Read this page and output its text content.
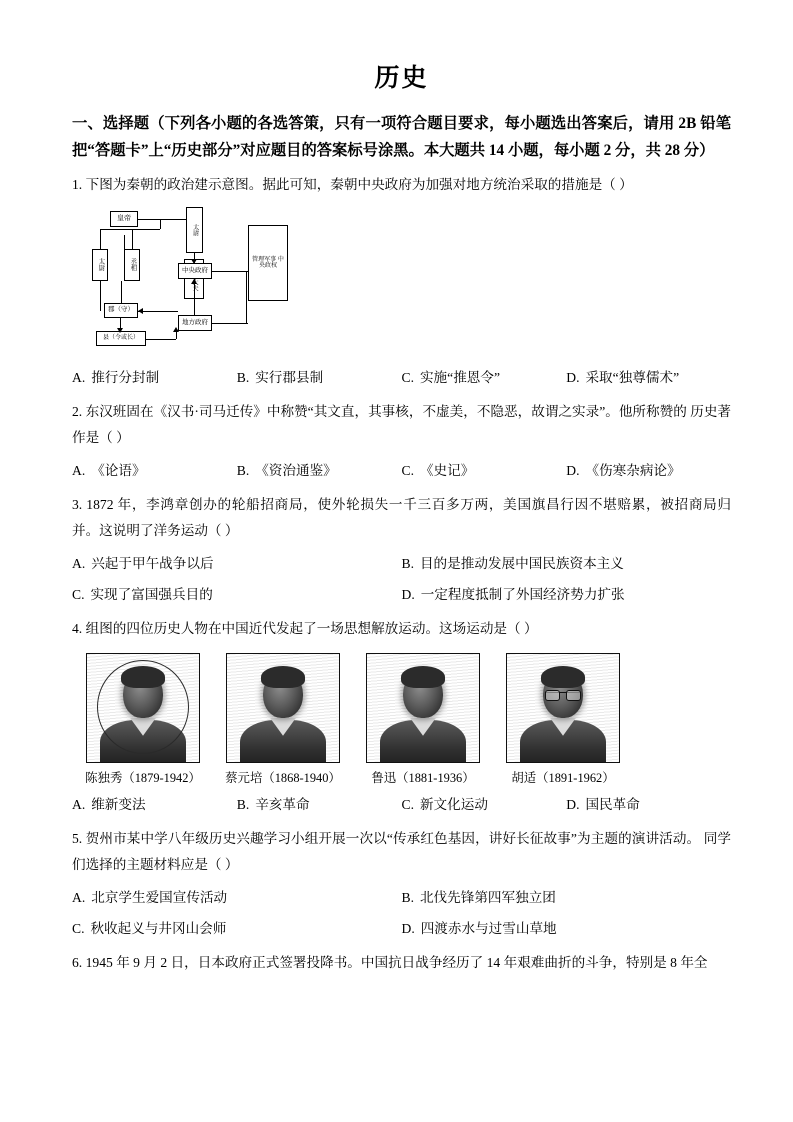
历史
一、选择题（下列各小题的各选答策，只有一项符合题目要求，每小题选出答案后，请用 2B 铅笔把“答题卡”上“历史部分”对应题目的答案标号涂黑。本大题共 14 小题，每小题 2 分，共 28 分）
1. 下图为秦朝的政治建示意图。据此可知，秦朝中央政府为加强对地方统治采取的措施是（ ）
皇帝
太尉
管理军事 中央政权
太尉	丞相	中央政府
地方政府
郡（守）
县（令或长）
A. 推行分封制	B. 实行郡县制	C. 实施“推恩令”	D. 采取“独尊儒术”
2. 东汉班固在《汉书·司马迁传》中称赞“其文直，其事核，不虚美，不隐恶，故谓之实录”。他所称赞的 历史著作是（ ）
A. 《论语》	B. 《资治通鉴》	C. 《史记》	D. 《伤寒杂病论》
3. 1872 年，李鸿章创办的轮船招商局，使外轮损失一千三百多万两，美国旗昌行因不堪赔累，被招商局归 并。这说明了洋务运动（ ）
A. 兴起于甲午战争以后	B. 目的是推动发展中国民族资本主义
C. 实现了富国强兵目的	D. 一定程度抵制了外国经济势力扩张
4. 组图的四位历史人物在中国近代发起了一场思想解放运动。这场运动是（ ）
陈独秀（1879-1942） 蔡元培（1868-1940）	鲁迅（1881-1936）	胡适（1891-1962）
A. 维新变法	B. 辛亥革命	C. 新文化运动	D. 国民革命
5. 贺州市某中学八年级历史兴趣学习小组开展一次以“传承红色基因，讲好长征故事”为主题的演讲活动。 同学们选择的主题材料应是（ ）
A. 北京学生爱国宣传活动	B. 北伐先锋第四军独立团
C. 秋收起义与井冈山会师	D. 四渡赤水与过雪山草地
6. 1945 年 9 月 2 日，日本政府正式签署投降书。中国抗日战争经历了 14 年艰难曲折的斗争，特别是 8 年全
